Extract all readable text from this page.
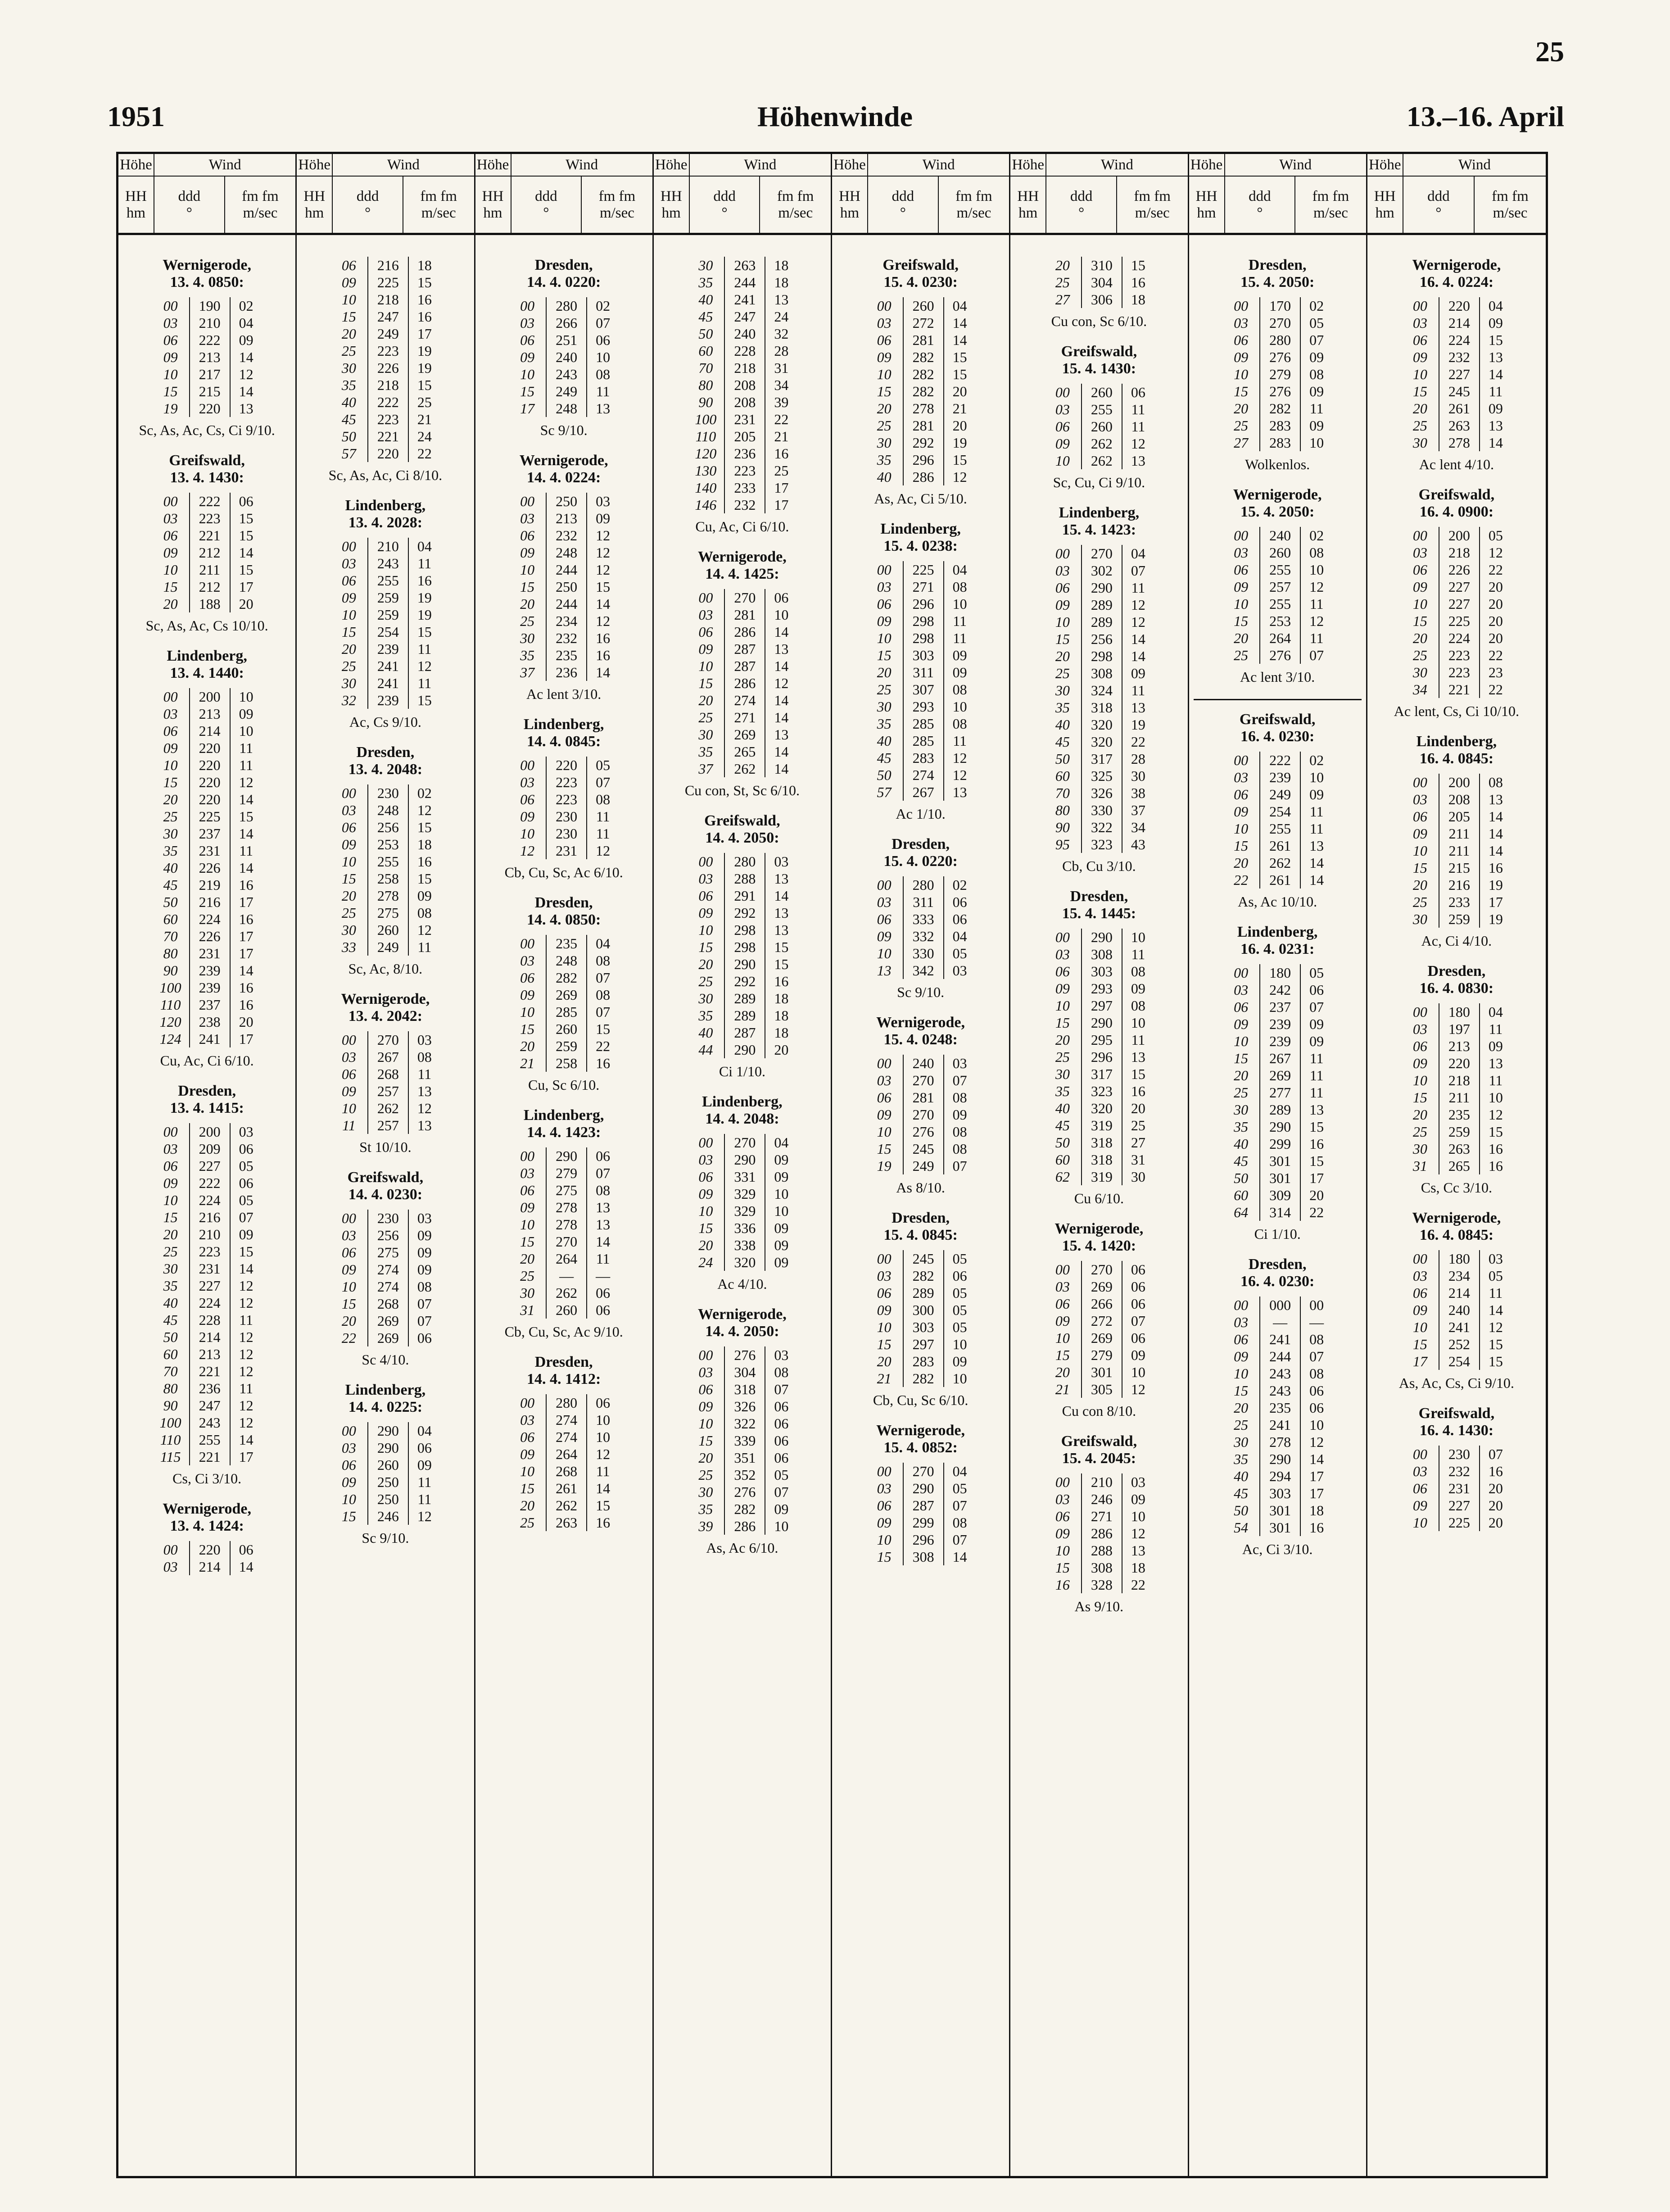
25
1951	Höhenwinde	13.–16. April
Höhe	Wind
HH
hm
ddd
°
fm fm
m/sec
Höhe	Wind
HH
hm
ddd
°
fm fm
m/sec
Höhe	Wind
HH
hm
ddd
°
fm fm
m/sec
Höhe	Wind
HH
hm
ddd
°
fm fm
m/sec
Höhe	Wind
HH
hm
ddd
°
fm fm
m/sec
Höhe	Wind
HH
hm
ddd
°
fm fm
m/sec
Höhe	Wind
HH
hm
ddd
°
fm fm
m/sec
Höhe	Wind
HH
hm
ddd
°
fm fm
m/sec
Wernigerode,
13. 4. 0850:
00	190	02
03	210	04
06	222	09
09	213	14
10	217	12
15	215	14
19	220	13
Sc, As, Ac, Cs, Ci 9/10.
Greifswald,
13. 4. 1430:
00	222	06
03	223	15
06	221	15
09	212	14
10	211	15
15	212	17
20	188	20
Sc, As, Ac, Cs 10/10.
Lindenberg,
13. 4. 1440:
00	200	10
03	213	09
06	214	10
09	220	11
10	220	11
15	220	12
20	220	14
25	225	15
30	237	14
35	231	11
40	226	14
45	219	16
50	216	17
60	224	16
70	226	17
80	231	17
90	239	14
100	239	16
110	237	16
120	238	20
124	241	17
Cu, Ac, Ci 6/10.
Dresden,
13. 4. 1415:
00	200	03
03	209	06
06	227	05
09	222	06
10	224	05
15	216	07
20	210	09
25	223	15
30	231	14
35	227	12
40	224	12
45	228	11
50	214	12
60	213	12
70	221	12
80	236	11
90	247	12
100	243	12
110	255	14
115	221	17
Cs, Ci 3/10.
Wernigerode,
13. 4. 1424:
00	220	06
03	214	14
06	216	18
09	225	15
10	218	16
15	247	16
20	249	17
25	223	19
30	226	19
35	218	15
40	222	25
45	223	21
50	221	24
57	220	22
Sc, As, Ac, Ci 8/10.
Lindenberg,
13. 4. 2028:
00	210	04
03	243	11
06	255	16
09	259	19
10	259	19
15	254	15
20	239	11
25	241	12
30	241	11
32	239	15
Ac, Cs 9/10.
Dresden,
13. 4. 2048:
00	230	02
03	248	12
06	256	15
09	253	18
10	255	16
15	258	15
20	278	09
25	275	08
30	260	12
33	249	11
Sc, Ac, 8/10.
Wernigerode,
13. 4. 2042:
00	270	03
03	267	08
06	268	11
09	257	13
10	262	12
11	257	13
St 10/10.
Greifswald,
14. 4. 0230:
00	230	03
03	256	09
06	275	09
09	274	09
10	274	08
15	268	07
20	269	07
22	269	06
Sc 4/10.
Lindenberg,
14. 4. 0225:
00	290	04
03	290	06
06	260	09
09	250	11
10	250	11
15	246	12
Sc 9/10.
Dresden,
14. 4. 0220:
00	280	02
03	266	07
06	251	06
09	240	10
10	243	08
15	249	11
17	248	13
Sc 9/10.
Wernigerode,
14. 4. 0224:
00	250	03
03	213	09
06	232	12
09	248	12
10	244	12
15	250	15
20	244	14
25	234	12
30	232	16
35	235	16
37	236	14
Ac lent 3/10.
Lindenberg,
14. 4. 0845:
00	220	05
03	223	07
06	223	08
09	230	11
10	230	11
12	231	12
Cb, Cu, Sc, Ac 6/10.
Dresden,
14. 4. 0850:
00	235	04
03	248	08
06	282	07
09	269	08
10	285	07
15	260	15
20	259	22
21	258	16
Cu, Sc 6/10.
Lindenberg,
14. 4. 1423:
00	290	06
03	279	07
06	275	08
09	278	13
10	278	13
15	270	14
20	264	11
25	—	—
30	262	06
31	260	06
Cb, Cu, Sc, Ac 9/10.
Dresden,
14. 4. 1412:
00	280	06
03	274	10
06	274	10
09	264	12
10	268	11
15	261	14
20	262	15
25	263	16
30	263	18
35	244	18
40	241	13
45	247	24
50	240	32
60	228	28
70	218	31
80	208	34
90	208	39
100	231	22
110	205	21
120	236	16
130	223	25
140	233	17
146	232	17
Cu, Ac, Ci 6/10.
Wernigerode,
14. 4. 1425:
00	270	06
03	281	10
06	286	14
09	287	13
10	287	14
15	286	12
20	274	14
25	271	14
30	269	13
35	265	14
37	262	14
Cu con, St, Sc 6/10.
Greifswald,
14. 4. 2050:
00	280	03
03	288	13
06	291	14
09	292	13
10	298	13
15	298	15
20	290	15
25	292	16
30	289	18
35	289	18
40	287	18
44	290	20
Ci 1/10.
Lindenberg,
14. 4. 2048:
00	270	04
03	290	09
06	331	09
09	329	10
10	329	10
15	336	09
20	338	09
24	320	09
Ac 4/10.
Wernigerode,
14. 4. 2050:
00	276	03
03	304	08
06	318	07
09	326	06
10	322	06
15	339	06
20	351	06
25	352	05
30	276	07
35	282	09
39	286	10
As, Ac 6/10.
Greifswald,
15. 4. 0230:
00	260	04
03	272	14
06	281	14
09	282	15
10	282	15
15	282	20
20	278	21
25	281	20
30	292	19
35	296	15
40	286	12
As, Ac, Ci 5/10.
Lindenberg,
15. 4. 0238:
00	225	04
03	271	08
06	296	10
09	298	11
10	298	11
15	303	09
20	311	09
25	307	08
30	293	10
35	285	08
40	285	11
45	283	12
50	274	12
57	267	13
Ac 1/10.
Dresden,
15. 4. 0220:
00	280	02
03	311	06
06	333	06
09	332	04
10	330	05
13	342	03
Sc 9/10.
Wernigerode,
15. 4. 0248:
00	240	03
03	270	07
06	281	08
09	270	09
10	276	08
15	245	08
19	249	07
As 8/10.
Dresden,
15. 4. 0845:
00	245	05
03	282	06
06	289	05
09	300	05
10	303	05
15	297	10
20	283	09
21	282	10
Cb, Cu, Sc 6/10.
Wernigerode,
15. 4. 0852:
00	270	04
03	290	05
06	287	07
09	299	08
10	296	07
15	308	14
20	310	15
25	304	16
27	306	18
Cu con, Sc 6/10.
Greifswald,
15. 4. 1430:
00	260	06
03	255	11
06	260	11
09	262	12
10	262	13
Sc, Cu, Ci 9/10.
Lindenberg,
15. 4. 1423:
00	270	04
03	302	07
06	290	11
09	289	12
10	289	12
15	256	14
20	298	14
25	308	09
30	324	11
35	318	13
40	320	19
45	320	22
50	317	28
60	325	30
70	326	38
80	330	37
90	322	34
95	323	43
Cb, Cu 3/10.
Dresden,
15. 4. 1445:
00	290	10
03	308	11
06	303	08
09	293	09
10	297	08
15	290	10
20	295	11
25	296	13
30	317	15
35	323	16
40	320	20
45	319	25
50	318	27
60	318	31
62	319	30
Cu 6/10.
Wernigerode,
15. 4. 1420:
00	270	06
03	269	06
06	266	06
09	272	07
10	269	06
15	279	09
20	301	10
21	305	12
Cu con 8/10.
Greifswald,
15. 4. 2045:
00	210	03
03	246	09
06	271	10
09	286	12
10	288	13
15	308	18
16	328	22
As 9/10.
Dresden,
15. 4. 2050:
00	170	02
03	270	05
06	280	07
09	276	09
10	279	08
15	276	09
20	282	11
25	283	09
27	283	10
Wolkenlos.
Wernigerode,
15. 4. 2050:
00	240	02
03	260	08
06	255	10
09	257	12
10	255	11
15	253	12
20	264	11
25	276	07
Ac lent 3/10.
Greifswald,
16. 4. 0230:
00	222	02
03	239	10
06	249	09
09	254	11
10	255	11
15	261	13
20	262	14
22	261	14
As, Ac 10/10.
Lindenberg,
16. 4. 0231:
00	180	05
03	242	06
06	237	07
09	239	09
10	239	09
15	267	11
20	269	11
25	277	11
30	289	13
35	290	15
40	299	16
45	301	15
50	301	17
60	309	20
64	314	22
Ci 1/10.
Dresden,
16. 4. 0230:
00	000	00
03	—	—
06	241	08
09	244	07
10	243	08
15	243	06
20	235	06
25	241	10
30	278	12
35	290	14
40	294	17
45	303	17
50	301	18
54	301	16
Ac, Ci 3/10.
Wernigerode,
16. 4. 0224:
00	220	04
03	214	09
06	224	15
09	232	13
10	227	14
15	245	11
20	261	09
25	263	13
30	278	14
Ac lent 4/10.
Greifswald,
16. 4. 0900:
00	200	05
03	218	12
06	226	22
09	227	20
10	227	20
15	225	20
20	224	20
25	223	22
30	223	23
34	221	22
Ac lent, Cs, Ci 10/10.
Lindenberg,
16. 4. 0845:
00	200	08
03	208	13
06	205	14
09	211	14
10	211	14
15	215	16
20	216	19
25	233	17
30	259	19
Ac, Ci 4/10.
Dresden,
16. 4. 0830:
00	180	04
03	197	11
06	213	09
09	220	13
10	218	11
15	211	10
20	235	12
25	259	15
30	263	16
31	265	16
Cs, Cc 3/10.
Wernigerode,
16. 4. 0845:
00	180	03
03	234	05
06	214	11
09	240	14
10	241	12
15	252	15
17	254	15
As, Ac, Cs, Ci 9/10.
Greifswald,
16. 4. 1430:
00	230	07
03	232	16
06	231	20
09	227	20
10	225	20
